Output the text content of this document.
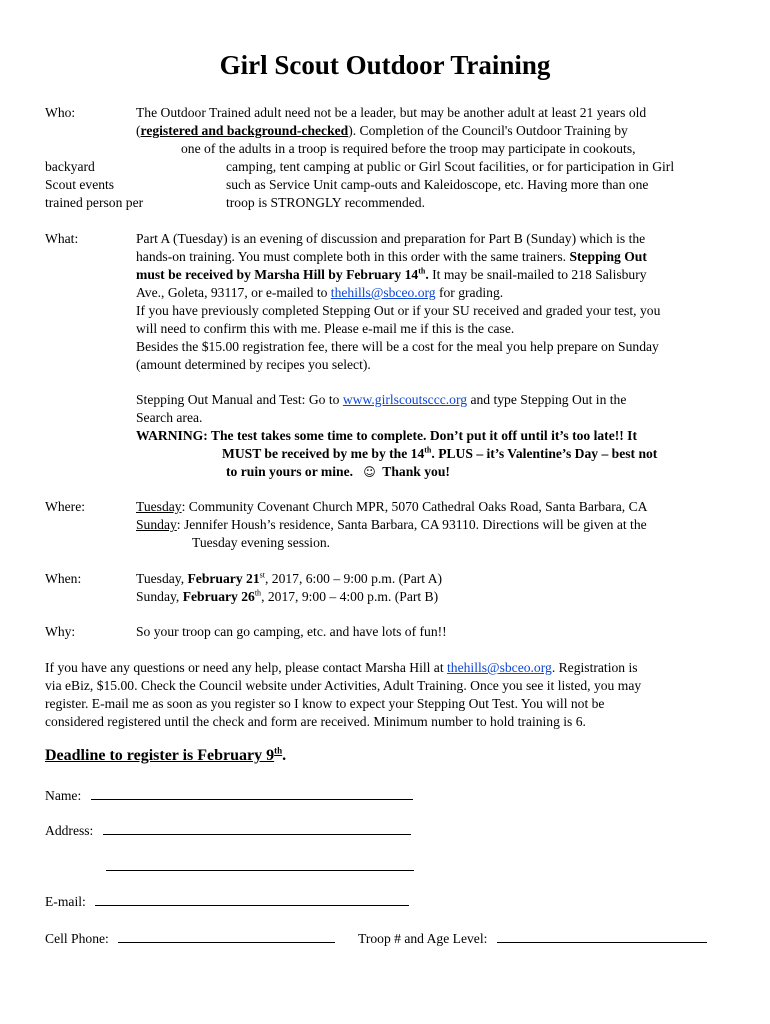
Girl Scout Outdoor Training
Who:	The Outdoor Trained adult need not be a leader, but may be another adult at least 21 years old
(registered and background-checked). Completion of the Council's Outdoor Training by
one of the adults in a troop is required before the troop may participate in cookouts,
backyard	camping, tent camping at public or Girl Scout facilities, or for participation in Girl
Scout events	such as Service Unit camp-outs and Kaleidoscope, etc. Having more than one
trained person per	troop is STRONGLY recommended.
What:	Part A (Tuesday) is an evening of discussion and preparation for Part B (Sunday) which is the
hands-on training. You must complete both in this order with the same trainers. Stepping Out
must be received by Marsha Hill by February 14th. It may be snail-mailed to 218 Salisbury
Ave., Goleta, 93117, or e-mailed to thehills@sbceo.org for grading.
If you have previously completed Stepping Out or if your SU received and graded your test, you
will need to confirm this with me. Please e-mail me if this is the case.
Besides the $15.00 registration fee, there will be a cost for the meal you help prepare on Sunday
(amount determined by recipes you select).
Stepping Out Manual and Test: Go to www.girlscoutsccc.org and type Stepping Out in the
Search area.
WARNING: The test takes some time to complete. Don’t put it off until it’s too late!! It
MUST be received by me by the 14th. PLUS – it’s Valentine’s Day – best not
to ruin yours or mine. ☺ Thank you!
Where:	Tuesday: Community Covenant Church MPR, 5070 Cathedral Oaks Road, Santa Barbara, CA
Sunday: Jennifer Housh’s residence, Santa Barbara, CA 93110. Directions will be given at the
Tuesday evening session.
When:	Tuesday, February 21st, 2017, 6:00 – 9:00 p.m. (Part A)
Sunday, February 26th, 2017, 9:00 – 4:00 p.m. (Part B)
Why:	So your troop can go camping, etc. and have lots of fun!!
If you have any questions or need any help, please contact Marsha Hill at thehills@sbceo.org. Registration is
via eBiz, $15.00. Check the Council website under Activities, Adult Training. Once you see it listed, you may
register. E-mail me as soon as you register so I know to expect your Stepping Out Test. You will not be
considered registered until the check and form are received. Minimum number to hold training is 6.
Deadline to register is February 9th.
Name:
Address:
E-mail:
Cell Phone:	Troop # and Age Level:
